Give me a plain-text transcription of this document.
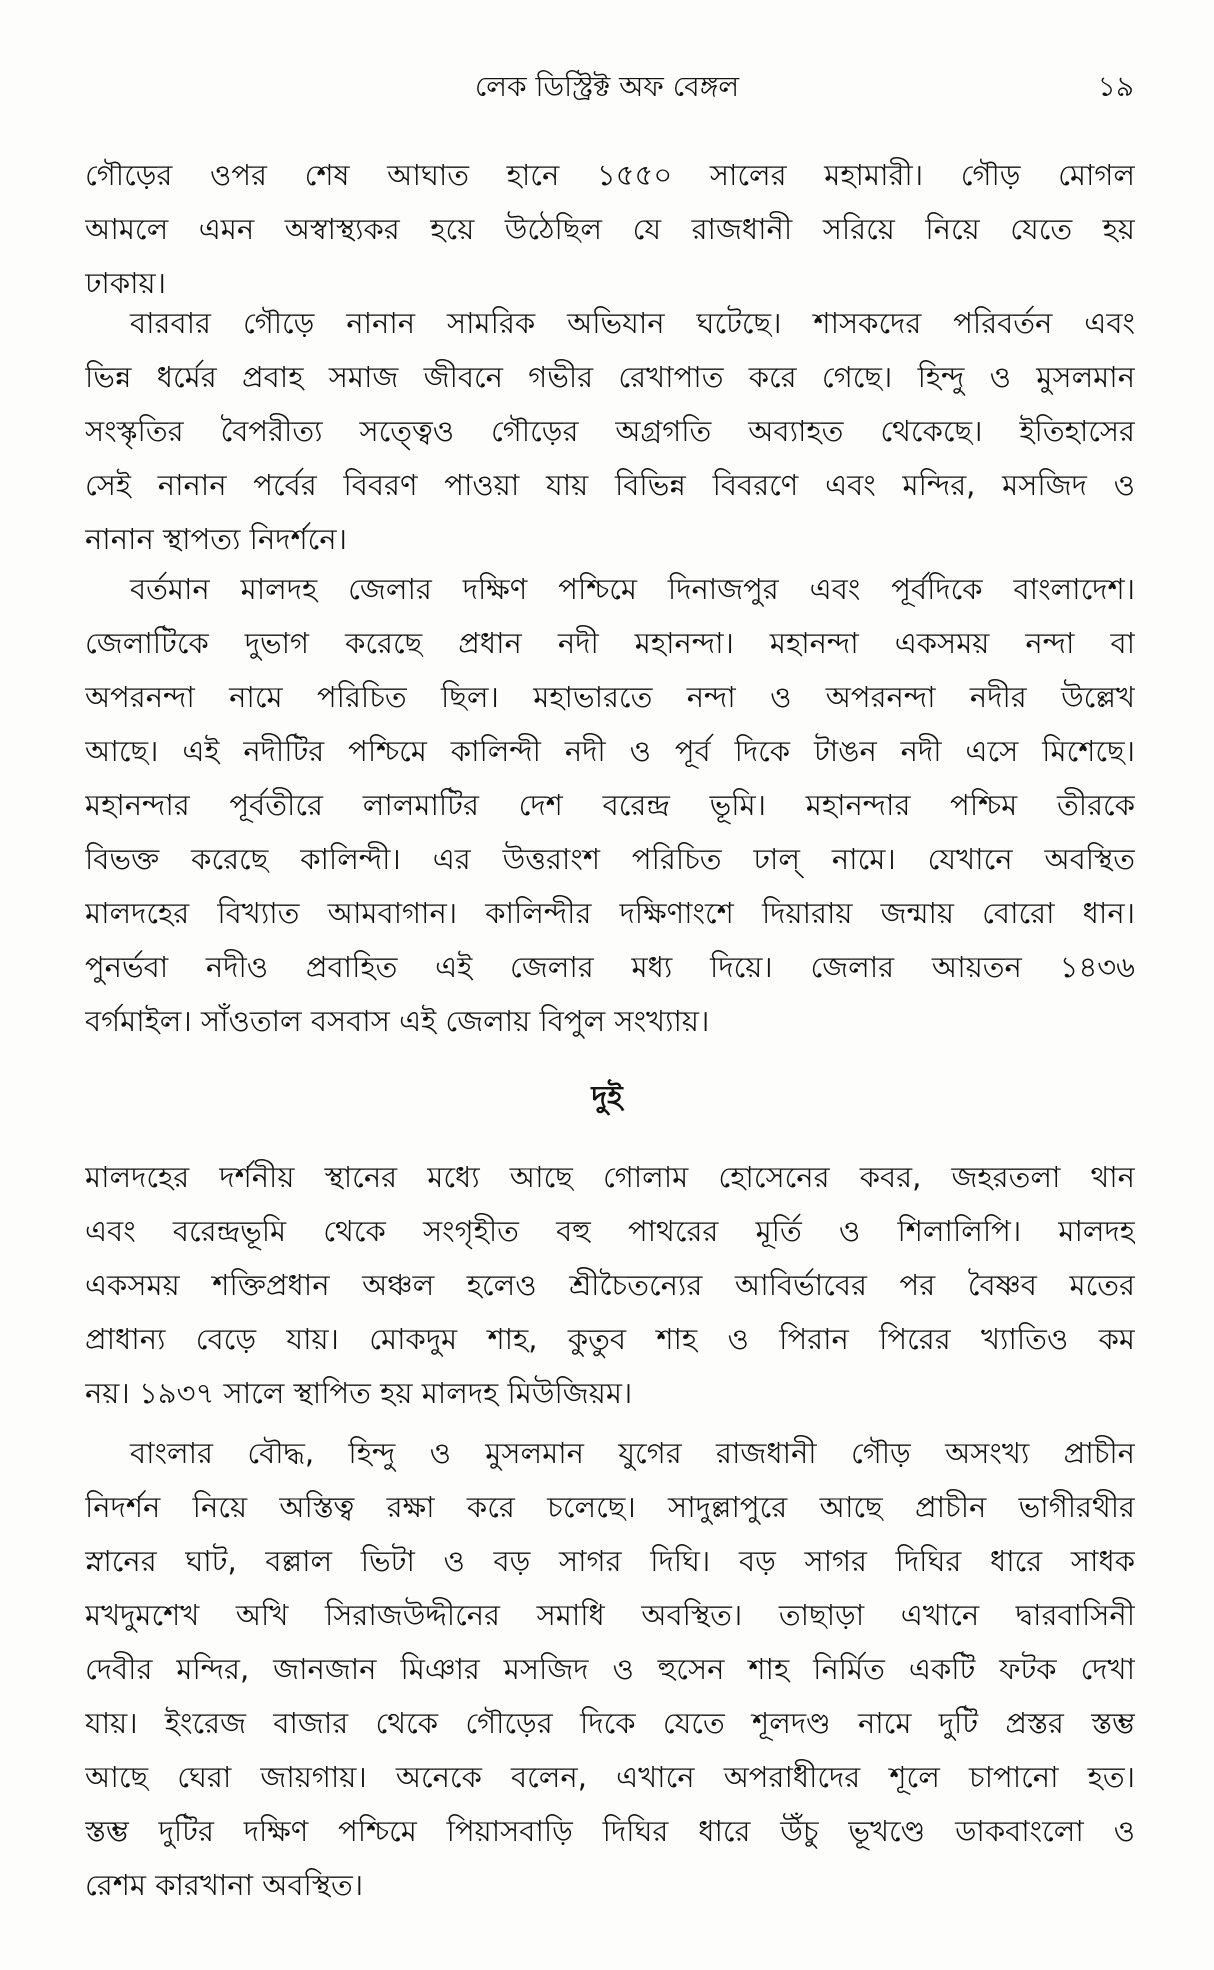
লেক ডিস্ট্রিক্ট অফ বেঙ্গল	১৯
গৌড়ের ওপর শেষ আঘাত হানে ১৫৫০ সালের মহামারী। গৌড় মোগল
আমলে এমন অস্বাস্থ্যকর হয়ে উঠেছিল যে রাজধানী সরিয়ে নিয়ে যেতে হয়
ঢাকায়।
বারবার গৌড়ে নানান সামরিক অভিযান ঘটেছে। শাসকদের পরিবর্তন এবং
ভিন্ন ধর্মের প্রবাহ সমাজ জীবনে গভীর রেখাপাত করে গেছে। হিন্দু ও মুসলমান
সংস্কৃতির বৈপরীত্য সত্ত্বেও গৌড়ের অগ্রগতি অব্যাহত থেকেছে। ইতিহাসের
সেই নানান পর্বের বিবরণ পাওয়া যায় বিভিন্ন বিবরণে এবং মন্দির, মসজিদ ও
নানান স্থাপত্য নিদর্শনে।
বর্তমান মালদহ জেলার দক্ষিণ পশ্চিমে দিনাজপুর এবং পূর্বদিকে বাংলাদেশ।
জেলাটিকে দুভাগ করেছে প্রধান নদী মহানন্দা। মহানন্দা একসময় নন্দা বা
অপরনন্দা নামে পরিচিত ছিল। মহাভারতে নন্দা ও অপরনন্দা নদীর উল্লেখ
আছে। এই নদীটির পশ্চিমে কালিন্দী নদী ও পূর্ব দিকে টাঙন নদী এসে মিশেছে।
মহানন্দার পূর্বতীরে লালমাটির দেশ বরেন্দ্র ভূমি। মহানন্দার পশ্চিম তীরকে
বিভক্ত করেছে কালিন্দী। এর উত্তরাংশ পরিচিত ঢাল্ নামে। যেখানে অবস্থিত
মালদহের বিখ্যাত আমবাগান। কালিন্দীর দক্ষিণাংশে দিয়ারায় জন্মায় বোরো ধান।
পুনর্ভবা নদীও প্রবাহিত এই জেলার মধ্য দিয়ে। জেলার আয়তন ১৪৩৬
বর্গমাইল। সাঁওতাল বসবাস এই জেলায় বিপুল সংখ্যায়।
দুই
মালদহের দর্শনীয় স্থানের মধ্যে আছে গোলাম হোসেনের কবর, জহরতলা থান
এবং বরেন্দ্রভূমি থেকে সংগৃহীত বহু পাথরের মূর্তি ও শিলালিপি। মালদহ
একসময় শক্তিপ্রধান অঞ্চল হলেও শ্রীচৈতন্যের আবির্ভাবের পর বৈষ্ণব মতের
প্রাধান্য বেড়ে যায়। মোকদুম শাহ, কুতুব শাহ ও পিরান পিরের খ্যাতিও কম
নয়। ১৯৩৭ সালে স্থাপিত হয় মালদহ মিউজিয়ম।
বাংলার বৌদ্ধ, হিন্দু ও মুসলমান যুগের রাজধানী গৌড় অসংখ্য প্রাচীন
নিদর্শন নিয়ে অস্তিত্ব রক্ষা করে চলেছে। সাদুল্লাপুরে আছে প্রাচীন ভাগীরথীর
স্নানের ঘাট, বল্লাল ভিটা ও বড় সাগর দিঘি। বড় সাগর দিঘির ধারে সাধক
মখদুমশেখ অখি সিরাজউদ্দীনের সমাধি অবস্থিত। তাছাড়া এখানে দ্বারবাসিনী
দেবীর মন্দির, জানজান মিঞার মসজিদ ও হুসেন শাহ নির্মিত একটি ফটক দেখা
যায়। ইংরেজ বাজার থেকে গৌড়ের দিকে যেতে শূলদণ্ড নামে দুটি প্রস্তর স্তম্ভ
আছে ঘেরা জায়গায়। অনেকে বলেন, এখানে অপরাধীদের শূলে চাপানো হত।
স্তম্ভ দুটির দক্ষিণ পশ্চিমে পিয়াসবাড়ি দিঘির ধারে উঁচু ভূখণ্ডে ডাকবাংলো ও
রেশম কারখানা অবস্থিত।
